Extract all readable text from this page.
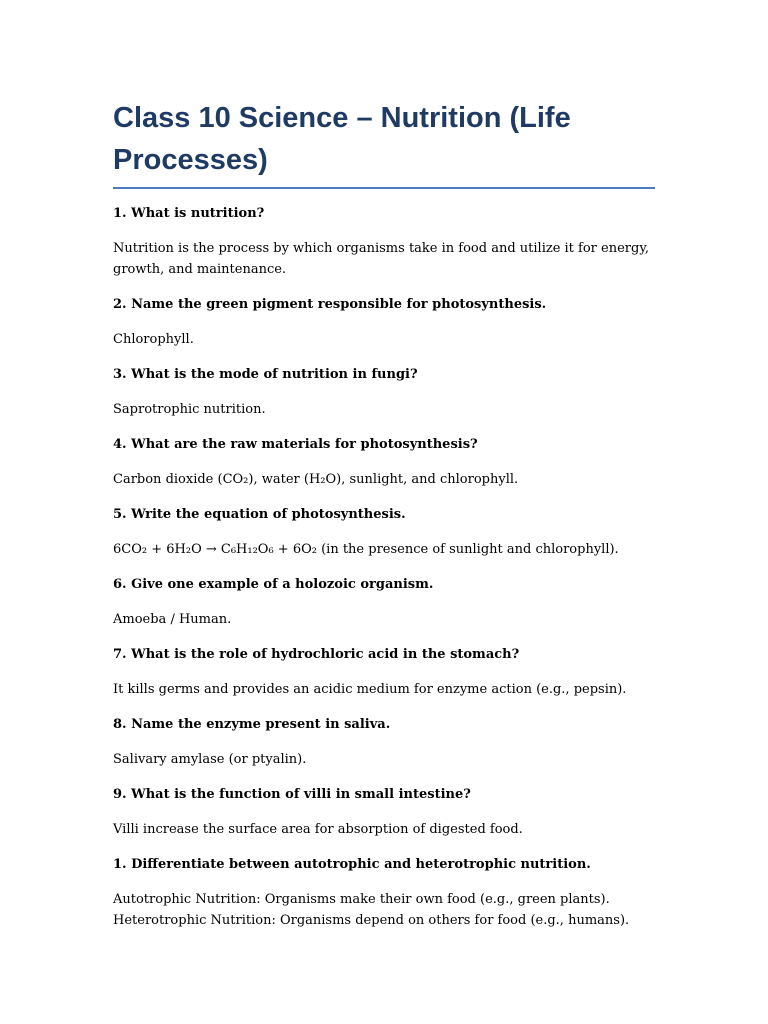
Class 10 Science – Nutrition (Life Processes)

1. What is nutrition?

Nutrition is the process by which organisms take in food and utilize it for energy, growth, and maintenance.

2. Name the green pigment responsible for photosynthesis.

Chlorophyll.

3. What is the mode of nutrition in fungi?

Saprotrophic nutrition.

4. What are the raw materials for photosynthesis?

Carbon dioxide (CO₂), water (H₂O), sunlight, and chlorophyll.

5. Write the equation of photosynthesis.

6CO₂ + 6H₂O → C₆H₁₂O₆ + 6O₂ (in the presence of sunlight and chlorophyll).

6. Give one example of a holozoic organism.

Amoeba / Human.

7. What is the role of hydrochloric acid in the stomach?

It kills germs and provides an acidic medium for enzyme action (e.g., pepsin).

8. Name the enzyme present in saliva.

Salivary amylase (or ptyalin).

9. What is the function of villi in small intestine?

Villi increase the surface area for absorption of digested food.

1. Differentiate between autotrophic and heterotrophic nutrition.

Autotrophic Nutrition: Organisms make their own food (e.g., green plants).
Heterotrophic Nutrition: Organisms depend on others for food (e.g., humans).
